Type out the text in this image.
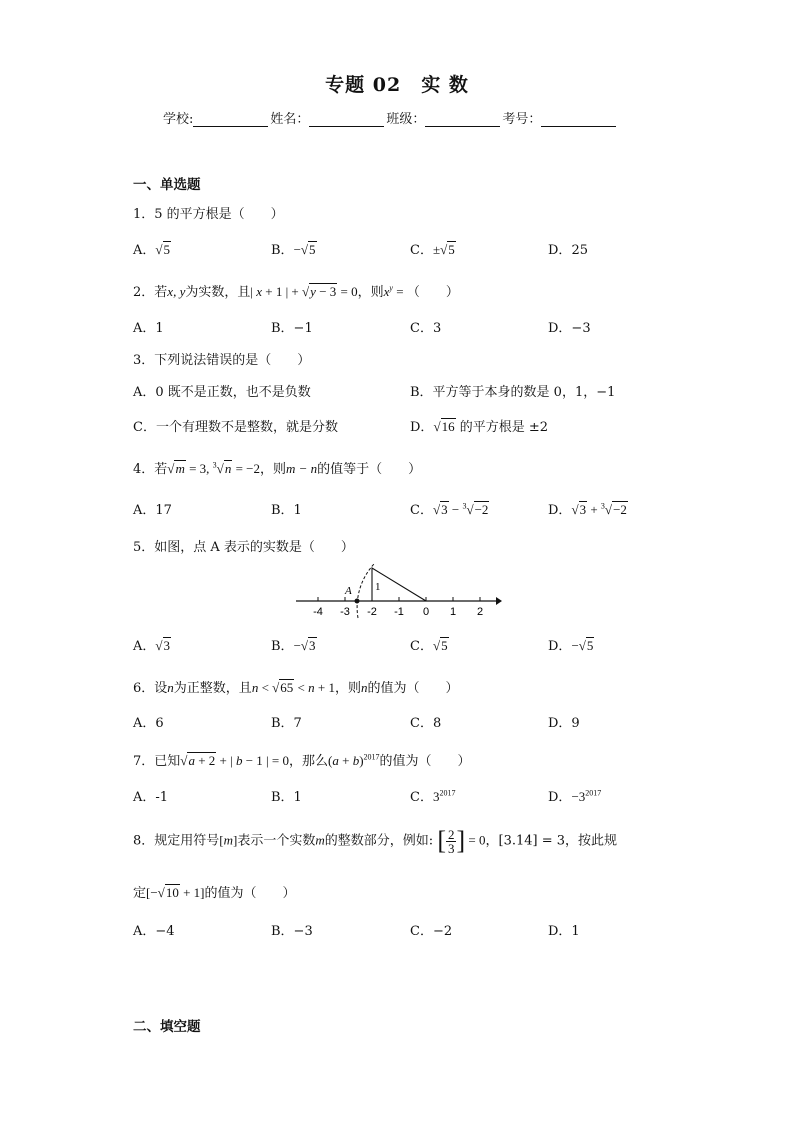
专题 02　实 数
学校:	姓名：	班级：	考号：
一、单选题
1．5 的平方根是（　　）
A．√5	B．−√5	C．±√5	D．25
2．若x, y为实数，且| x + 1 | + √y − 3 = 0，则$x^y$ = （　　）
A．1	B．−1	C．3	D．−3
3．下列说法错误的是（　　）
A．0 既不是正数，也不是负数	B．平方等于本身的数是 0，1，−1
C．一个有理数不是整数，就是分数	D．√16 的平方根是 ±2
4．若√m = 3, $^3$√n = −2，则m − n的值等于（　　）
A．17	B．1	C．√3 − $^3$√−2	D．√3 + $^3$√−2
5．如图，点 A 表示的实数是（　　）
-4 -3 -2 -1 0 1 2
A 1
A．√3	B．−√3	C．√5	D．−√5
6．设n为正整数，且n < √65 < n + 1，则n的值为（　　）
A．6	B．7	C．8	D．9
7．已知√a + 2 + | b − 1 | = 0，那么$(a + b)^{2017}$的值为（　　）
A．-1	B．1	C．$3^{2017}$	D．$-3^{2017}$
8．规定用符号[m]表示一个实数m的整数部分，例如: [ $\frac{2}{3}$ ] = 0，[3.14] = 3，按此规
定[−√10 + 1]的值为（　　）
A．−4	B．−3	C．−2	D．1
二、填空题
